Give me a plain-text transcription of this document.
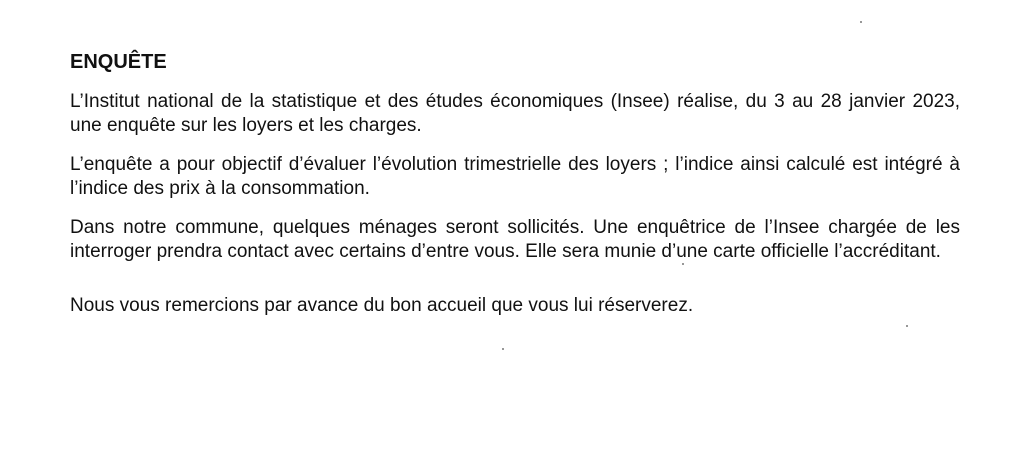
ENQUÊTE

L’Institut national de la statistique et des études économiques (Insee) réalise, du 3 au 28 janvier 2023, une enquête sur les loyers et les charges.

L’enquête a pour objectif d’évaluer l’évolution trimestrielle des loyers ; l’indice ainsi calculé est intégré à l’indice des prix à la consommation.

Dans notre commune, quelques ménages seront sollicités. Une enquêtrice de l’Insee chargée de les interroger prendra contact avec certains d’entre vous. Elle sera munie d’une carte officielle l’accréditant.

Nous vous remercions par avance du bon accueil que vous lui réserverez.
